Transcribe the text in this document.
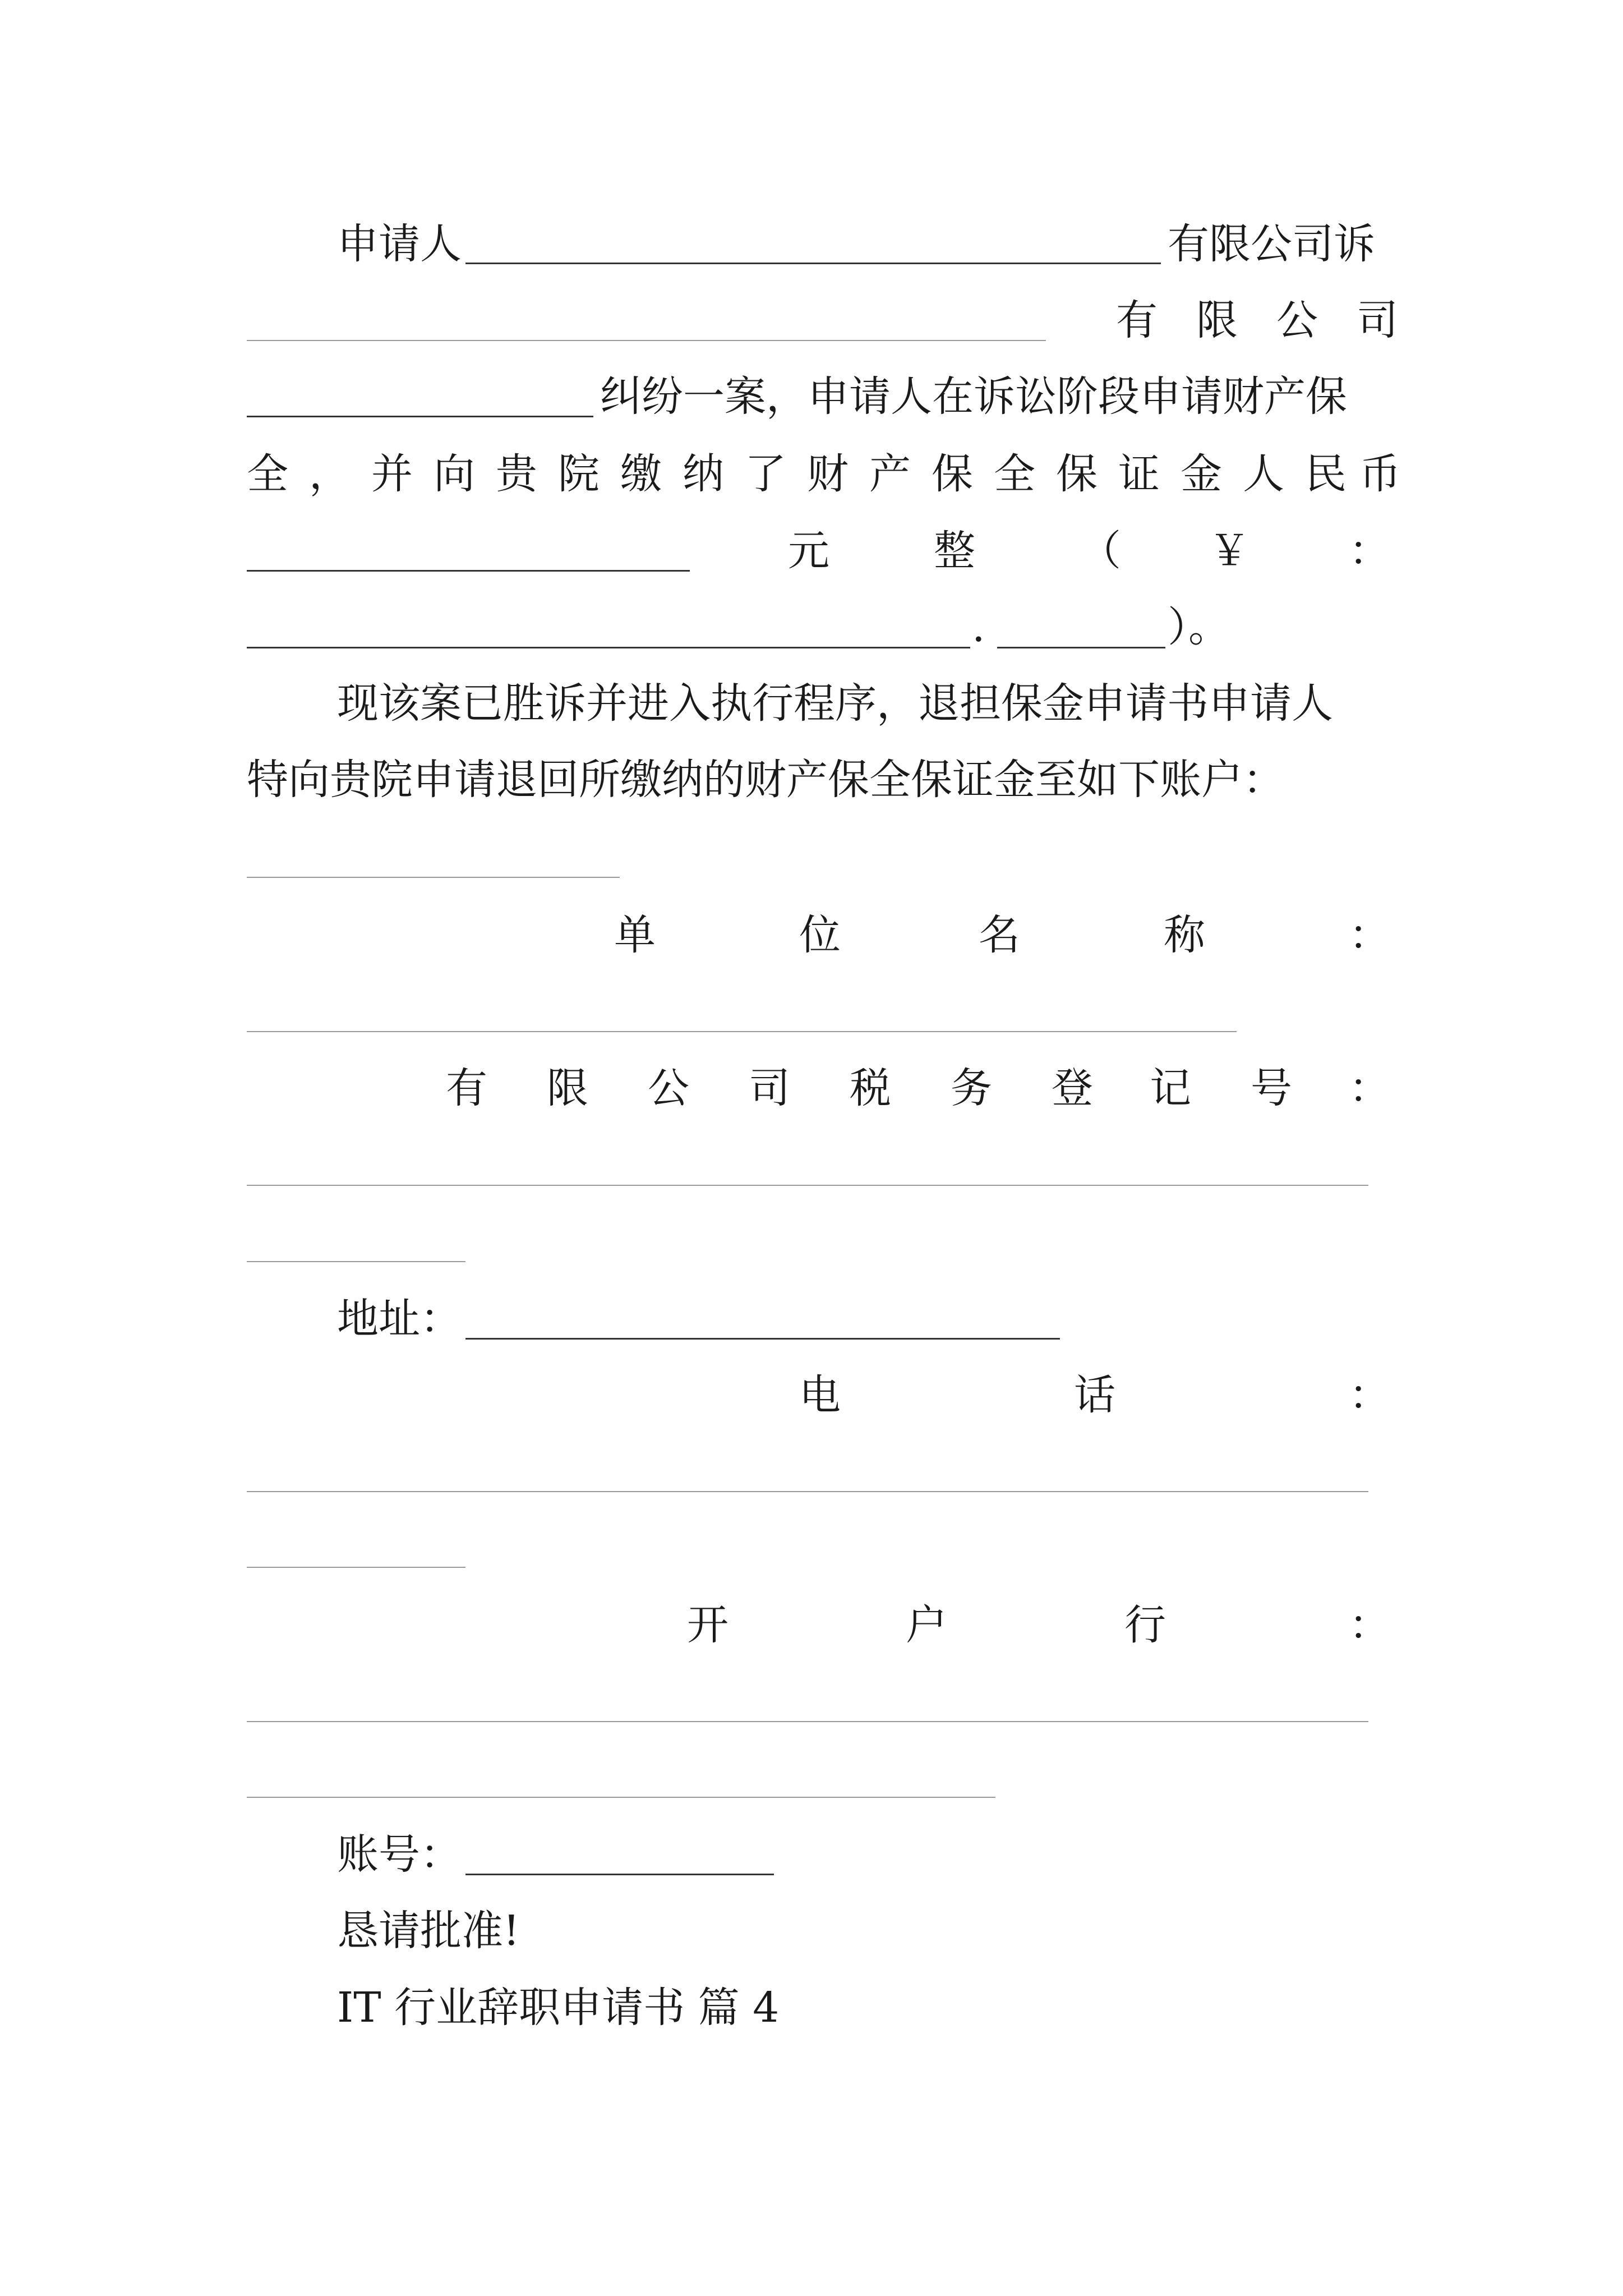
申请人	有限公司诉
有 限 公 司
纠纷一案，申请人在诉讼阶段申请财产保
全 ， 并 向 贵 院 缴 纳 了 财 产 保 全 保 证 金 人 民 币
元	整	（ ￥ ：
.	）。
现该案已胜诉并进入执行程序，退担保金申请书申请人
特向贵院申请退回所缴纳的财产保全保证金至如下账户：
单	位	名	称	：
有 限 公 司 税 务 登 记 号 ：
地址：
电	话	：
开	户	行	：
账号：
恳请批准!
IT 行业辞职申请书 篇 4
